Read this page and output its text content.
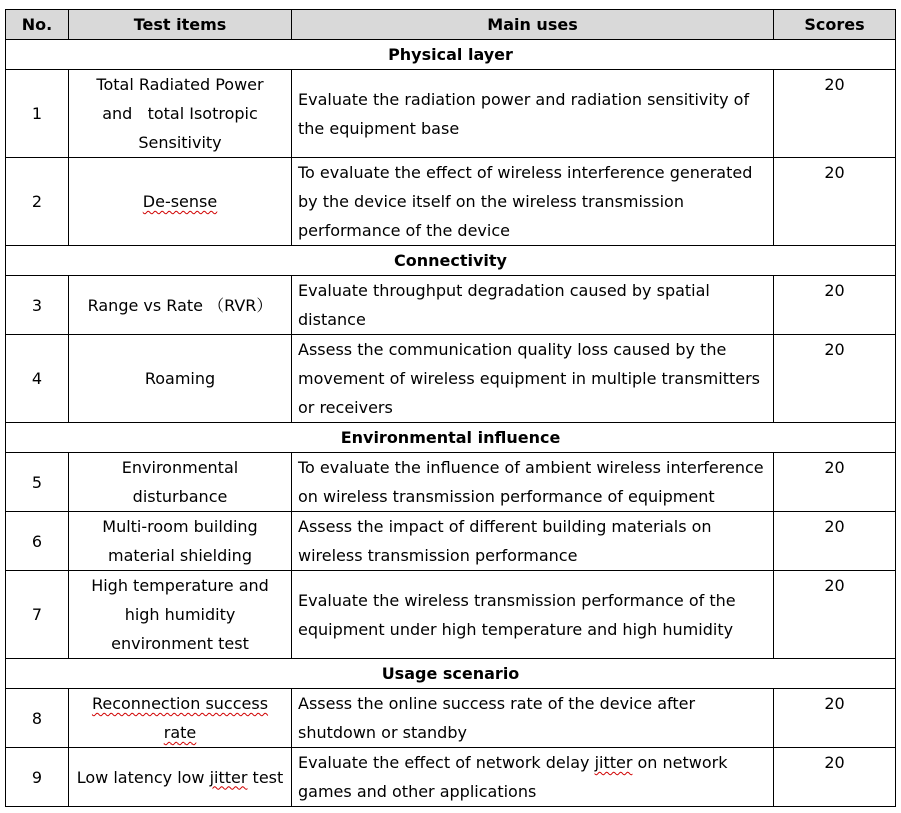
No.	Test items	Main uses	Scores
Physical layer			
1	Total Radiated Power and   total Isotropic Sensitivity	Evaluate the radiation power and radiation sensitivity of the equipment base	20
2	De-sense	To evaluate the effect of wireless interference generated by the device itself on the wireless transmission performance of the device	20
Connectivity			
3	Range vs Rate （RVR）	Evaluate throughput degradation caused by spatial distance	20
4	Roaming	Assess the communication quality loss caused by the movement of wireless equipment in multiple transmitters or receivers	20
Environmental influence			
5	Environmental disturbance	To evaluate the influence of ambient wireless interference on wireless transmission performance of equipment	20
6	Multi-room building material shielding	Assess the impact of different building materials on wireless transmission performance	20
7	High temperature and high humidity environment test	Evaluate the wireless transmission performance of the equipment under high temperature and high humidity	20
Usage scenario			
8	Reconnection success rate	Assess the online success rate of the device after shutdown or standby	20
9	Low latency low jitter test	Evaluate the effect of network delay jitter on network games and other applications	20
